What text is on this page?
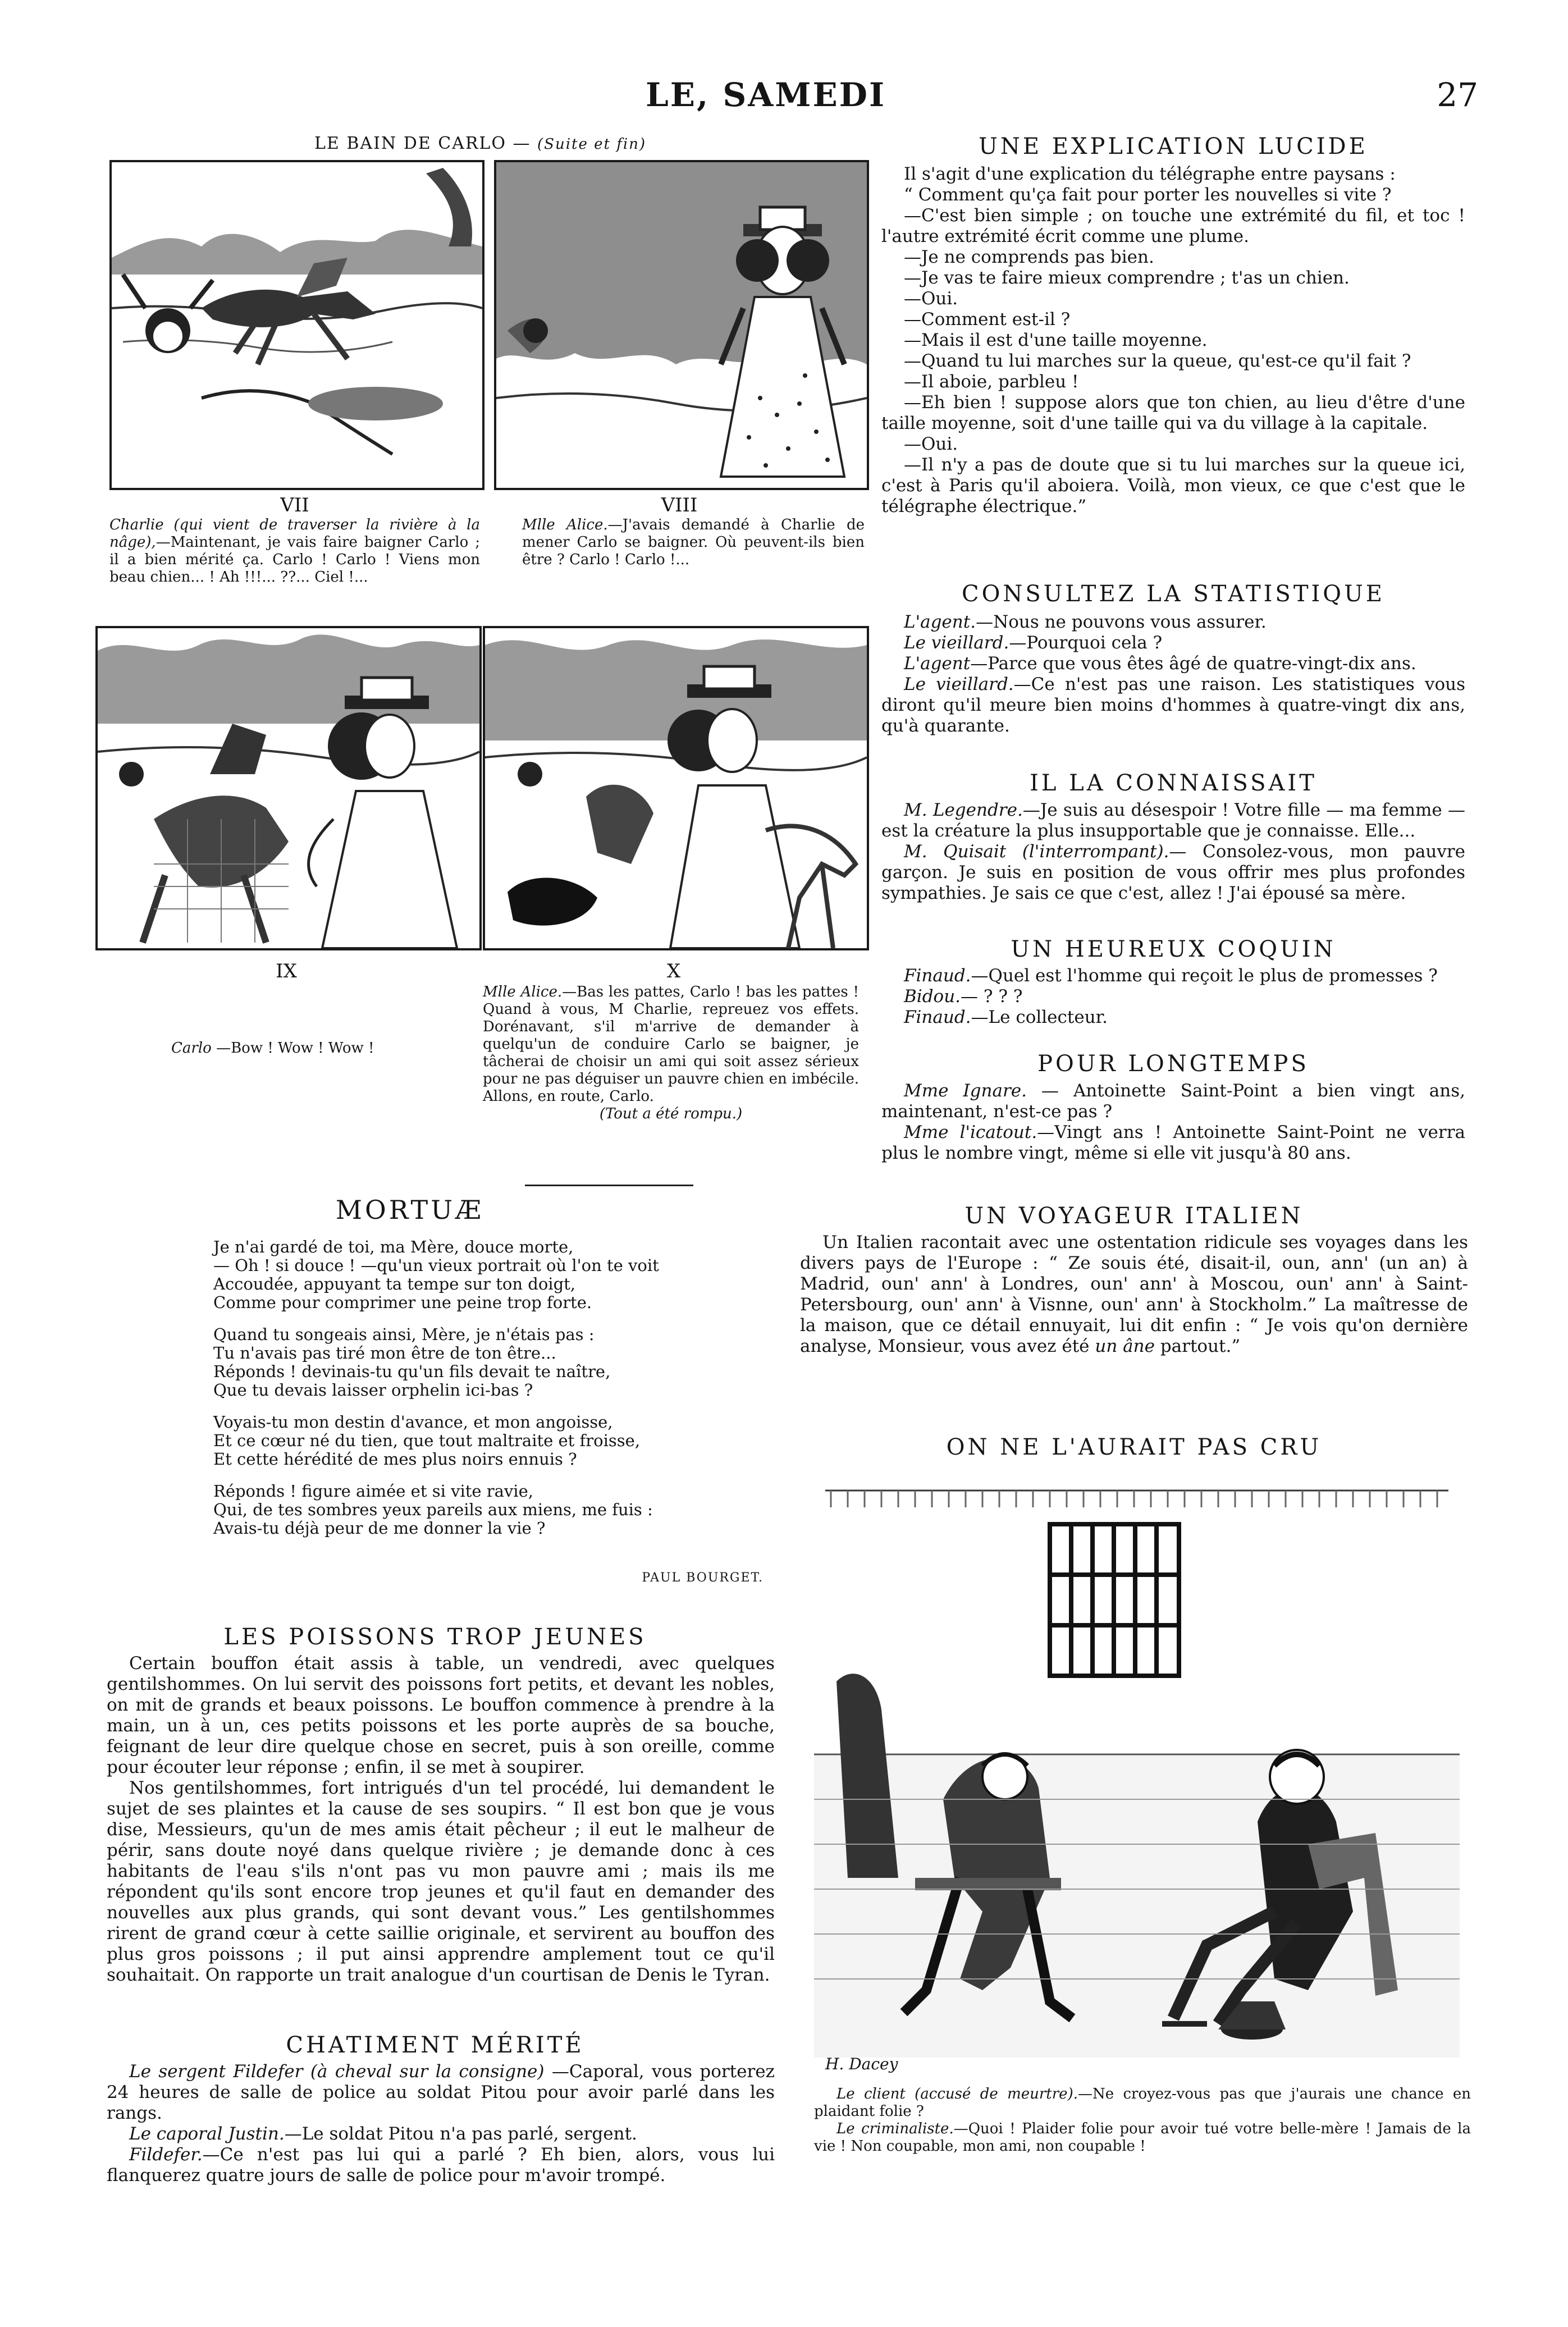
LE, SAMEDI	27
LE BAIN DE CARLO — (Suite et fin)
VII
Charlie (qui vient de traverser la rivière à la nâge),—Maintenant, je vais faire baigner Carlo ; il a bien mérité ça. Carlo ! Carlo ! Viens mon beau chien... ! Ah !!!... ??... Ciel !...
VIII
Mlle Alice.—J'avais demandé à Charlie de mener Carlo se baigner. Où peuvent-ils bien être ? Carlo ! Carlo !...
IX
Carlo —Bow ! Wow ! Wow !
X
Mlle Alice.—Bas les pattes, Carlo ! bas les pattes ! Quand à vous, M Charlie, repreuez vos effets. Dorénavant, s'il m'arrive de demander à quelqu'un de conduire Carlo se baigner, je tâcherai de choisir un ami qui soit assez sérieux pour ne pas déguiser un pauvre chien en imbécile. Allons, en route, Carlo.
(Tout a été rompu.)
UNE EXPLICATION LUCIDE

Il s'agit d'une explication du télégraphe entre paysans :

“ Comment qu'ça fait pour porter les nouvelles si vite ?

—C'est bien simple ; on touche une extrémité du fil, et toc ! l'autre extrémité écrit comme une plume.

—Je ne comprends pas bien.

—Je vas te faire mieux comprendre ; t'as un chien.

—Oui.

—Comment est-il ?

—Mais il est d'une taille moyenne.

—Quand tu lui marches sur la queue, qu'est-ce qu'il fait ?

—Il aboie, parbleu !

—Eh bien ! suppose alors que ton chien, au lieu d'être d'une taille moyenne, soit d'une taille qui va du village à la capitale.

—Oui.

—Il n'y a pas de doute que si tu lui marches sur la queue ici, c'est à Paris qu'il aboiera. Voilà, mon vieux, ce que c'est que le télégraphe électrique.”

CONSULTEZ LA STATISTIQUE

L'agent.—Nous ne pouvons vous assurer.

Le vieillard.—Pourquoi cela ?

L'agent—Parce que vous êtes âgé de quatre-vingt-dix ans.

Le vieillard.—Ce n'est pas une raison. Les statistiques vous diront qu'il meure bien moins d'hommes à quatre-vingt dix ans, qu'à quarante.

IL LA CONNAISSAIT

M. Legendre.—Je suis au désespoir ! Votre fille — ma femme —est la créature la plus insupportable que je connaisse. Elle...

M. Quisait (l'interrompant).— Consolez-vous, mon pauvre garçon. Je suis en position de vous offrir mes plus profondes sympathies. Je sais ce que c'est, allez ! J'ai épousé sa mère.

UN HEUREUX COQUIN

Finaud.—Quel est l'homme qui reçoit le plus de promesses ?

Bidou.— ? ? ?

Finaud.—Le collecteur.

POUR LONGTEMPS

Mme Ignare. — Antoinette Saint-Point a bien vingt ans, maintenant, n'est-ce pas ?

Mme l'icatout.—Vingt ans ! Antoinette Saint-Point ne verra plus le nombre vingt, même si elle vit jusqu'à 80 ans.

MORTUÆ

Je n'ai gardé de toi, ma Mère, douce morte,

— Oh ! si douce ! —qu'un vieux portrait où l'on te voit

Accoudée, appuyant ta tempe sur ton doigt,

Comme pour comprimer une peine trop forte.

Quand tu songeais ainsi, Mère, je n'étais pas :

Tu n'avais pas tiré mon être de ton être...

Réponds ! devinais-tu qu'un fils devait te naître,

Que tu devais laisser orphelin ici-bas ?

Voyais-tu mon destin d'avance, et mon angoisse,

Et ce cœur né du tien, que tout maltraite et froisse,

Et cette hérédité de mes plus noirs ennuis ?

Réponds ! figure aimée et si vite ravie,

Qui, de tes sombres yeux pareils aux miens, me fuis :

Avais-tu déjà peur de me donner la vie ?

PAUL BOURGET.
UN VOYAGEUR ITALIEN

Un Italien racontait avec une ostentation ridicule ses voyages dans les divers pays de l'Europe : “ Ze souis été, disait-il, oun, ann' (un an) à Madrid, oun' ann' à Londres, oun' ann' à Moscou, oun' ann' à Saint-Petersbourg, oun' ann' à Visnne, oun' ann' à Stockholm.” La maîtresse de la maison, que ce détail ennuyait, lui dit enfin : “ Je vois qu'on dernière analyse, Monsieur, vous avez été un âne partout.”

ON NE L'AURAIT PAS CRU
H. Dacey

Le client (accusé de meurtre).—Ne croyez-vous pas que j'aurais une chance en plaidant folie ?

Le criminaliste.—Quoi ! Plaider folie pour avoir tué votre belle-mère ! Jamais de la vie ! Non coupable, mon ami, non coupable !

LES POISSONS TROP JEUNES

Certain bouffon était assis à table, un vendredi, avec quelques gentilshommes. On lui servit des poissons fort petits, et devant les nobles, on mit de grands et beaux poissons. Le bouffon commence à prendre à la main, un à un, ces petits poissons et les porte auprès de sa bouche, feignant de leur dire quelque chose en secret, puis à son oreille, comme pour écouter leur réponse ; enfin, il se met à soupirer.

Nos gentilshommes, fort intrigués d'un tel procédé, lui demandent le sujet de ses plaintes et la cause de ses soupirs. “ Il est bon que je vous dise, Messieurs, qu'un de mes amis était pêcheur ; il eut le malheur de périr, sans doute noyé dans quelque rivière ; je demande donc à ces habitants de l'eau s'ils n'ont pas vu mon pauvre ami ; mais ils me répondent qu'ils sont encore trop jeunes et qu'il faut en demander des nouvelles aux plus grands, qui sont devant vous.” Les gentilshommes rirent de grand cœur à cette saillie originale, et servirent au bouffon des plus gros poissons ; il put ainsi apprendre amplement tout ce qu'il souhaitait. On rapporte un trait analogue d'un courtisan de Denis le Tyran.

CHATIMENT MÉRITÉ

Le sergent Fildefer (à cheval sur la consigne) —Caporal, vous porterez 24 heures de salle de police au soldat Pitou pour avoir parlé dans les rangs.

Le caporal Justin.—Le soldat Pitou n'a pas parlé, sergent.

Fildefer.—Ce n'est pas lui qui a parlé ? Eh bien, alors, vous lui flanquerez quatre jours de salle de police pour m'avoir trompé.
